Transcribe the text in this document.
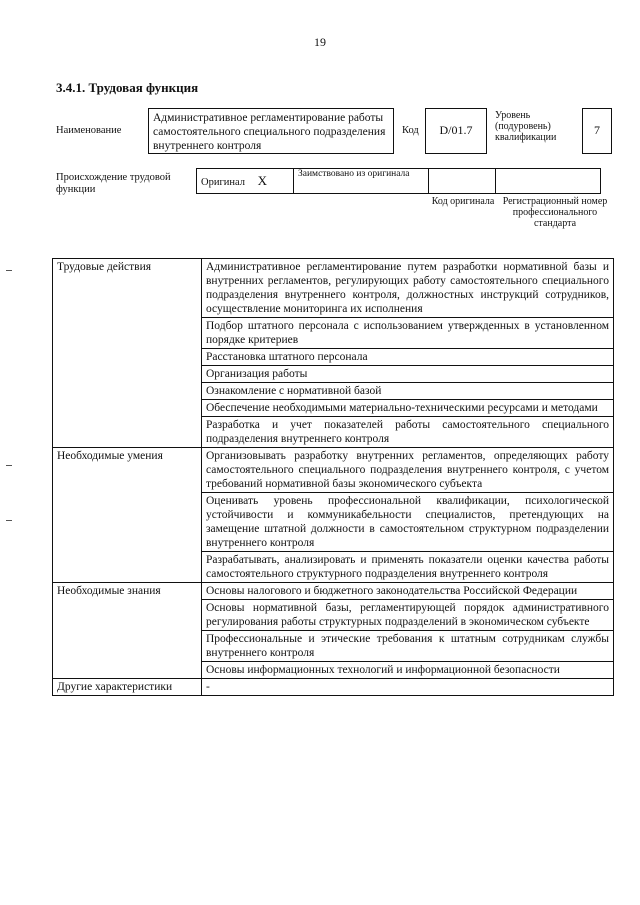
19
3.4.1. Трудовая функция
Наименование
Административное регламентирование работы самостоятельного специального подразделения внутреннего контроля
Код	D/01.7
Уровень (подуровень) квалификации
7
Происхождение трудовой функции
Оригинал X	Заимствовано из оригинала		
Код оригинала Регистрационный номер профессионального стандарта
Трудовые действия	Административное регламентирование путем разработки нормативной базы и внутренних регламентов, регулирующих работу самостоятельного специального подразделения внутреннего контроля, должностных инструкций сотрудников, осуществление мониторинга их исполнения
	Подбор штатного персонала с использованием утвержденных в установленном порядке критериев
	Расстановка штатного персонала
	Организация работы
	Ознакомление с нормативной базой
	Обеспечение необходимыми материально-техническими ресурсами и методами
	Разработка и учет показателей работы самостоятельного специального подразделения внутреннего контроля
Необходимые умения	Организовывать разработку внутренних регламентов, определяющих работу самостоятельного специального подразделения внутреннего контроля, с учетом требований нормативной базы экономического субъекта
	Оценивать уровень профессиональной квалификации, психологической устойчивости и коммуникабельности специалистов, претендующих на замещение штатной должности в самостоятельном структурном подразделении внутреннего контроля
	Разрабатывать, анализировать и применять показатели оценки качества работы самостоятельного структурного подразделения внутреннего контроля
Необходимые знания	Основы налогового и бюджетного законодательства Российской Федерации
	Основы нормативной базы, регламентирующей порядок административного регулирования работы структурных подразделений в экономическом субъекте
	Профессиональные и этические требования к штатным сотрудникам службы внутреннего контроля
	Основы информационных технологий и информационной безопасности
Другие характеристики	-
